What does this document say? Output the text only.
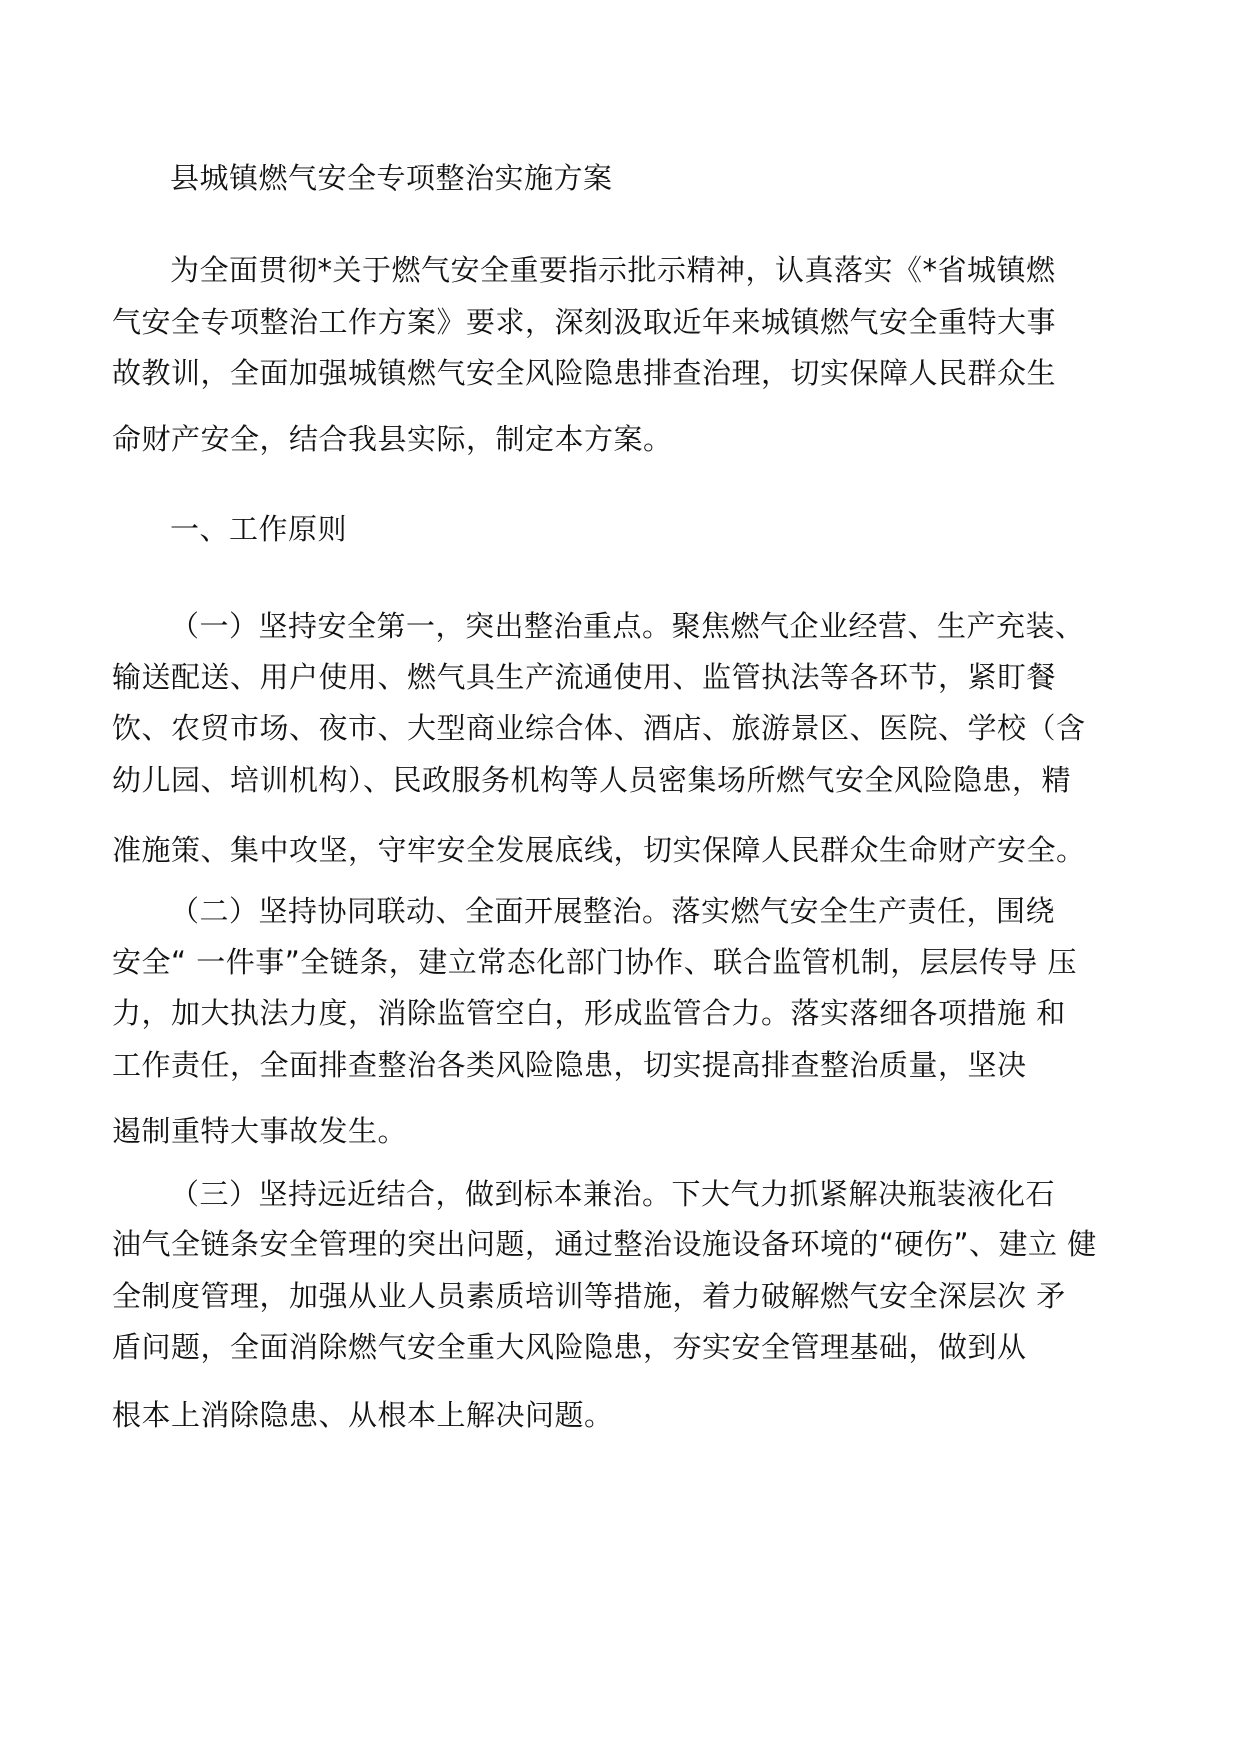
县城镇燃气安全专项整治实施方案
为全面贯彻*关于燃气安全重要指示批示精神，认真落实《*省城镇燃
气安全专项整治工作方案》要求，深刻汲取近年来城镇燃气安全重特大事
故教训，全面加强城镇燃气安全风险隐患排查治理，切实保障人民群众生
命财产安全，结合我县实际，制定本方案。
一、工作原则
（一）坚持安全第一，突出整治重点。聚焦燃气企业经营、生产充装、
输送配送、用户使用、燃气具生产流通使用、监管执法等各环节，紧盯餐
饮、农贸市场、夜市、大型商业综合体、酒店、旅游景区、医院、学校（含
幼儿园、培训机构）、民政服务机构等人员密集场所燃气安全风险隐患，精
准施策、集中攻坚，守牢安全发展底线，切实保障人民群众生命财产安全。
（二）坚持协同联动、全面开展整治。落实燃气安全生产责任，围绕
安全“ 一件事”全链条，建立常态化部门协作、联合监管机制，层层传导 压
力，加大执法力度，消除监管空白，形成监管合力。落实落细各项措施 和
工作责任，全面排查整治各类风险隐患，切实提高排查整治质量，坚决
遏制重特大事故发生。
（三）坚持远近结合，做到标本兼治。下大气力抓紧解决瓶装液化石
油气全链条安全管理的突出问题，通过整治设施设备环境的“硬伤”、建立 健
全制度管理，加强从业人员素质培训等措施，着力破解燃气安全深层次 矛
盾问题，全面消除燃气安全重大风险隐患，夯实安全管理基础，做到从
根本上消除隐患、从根本上解决问题。
